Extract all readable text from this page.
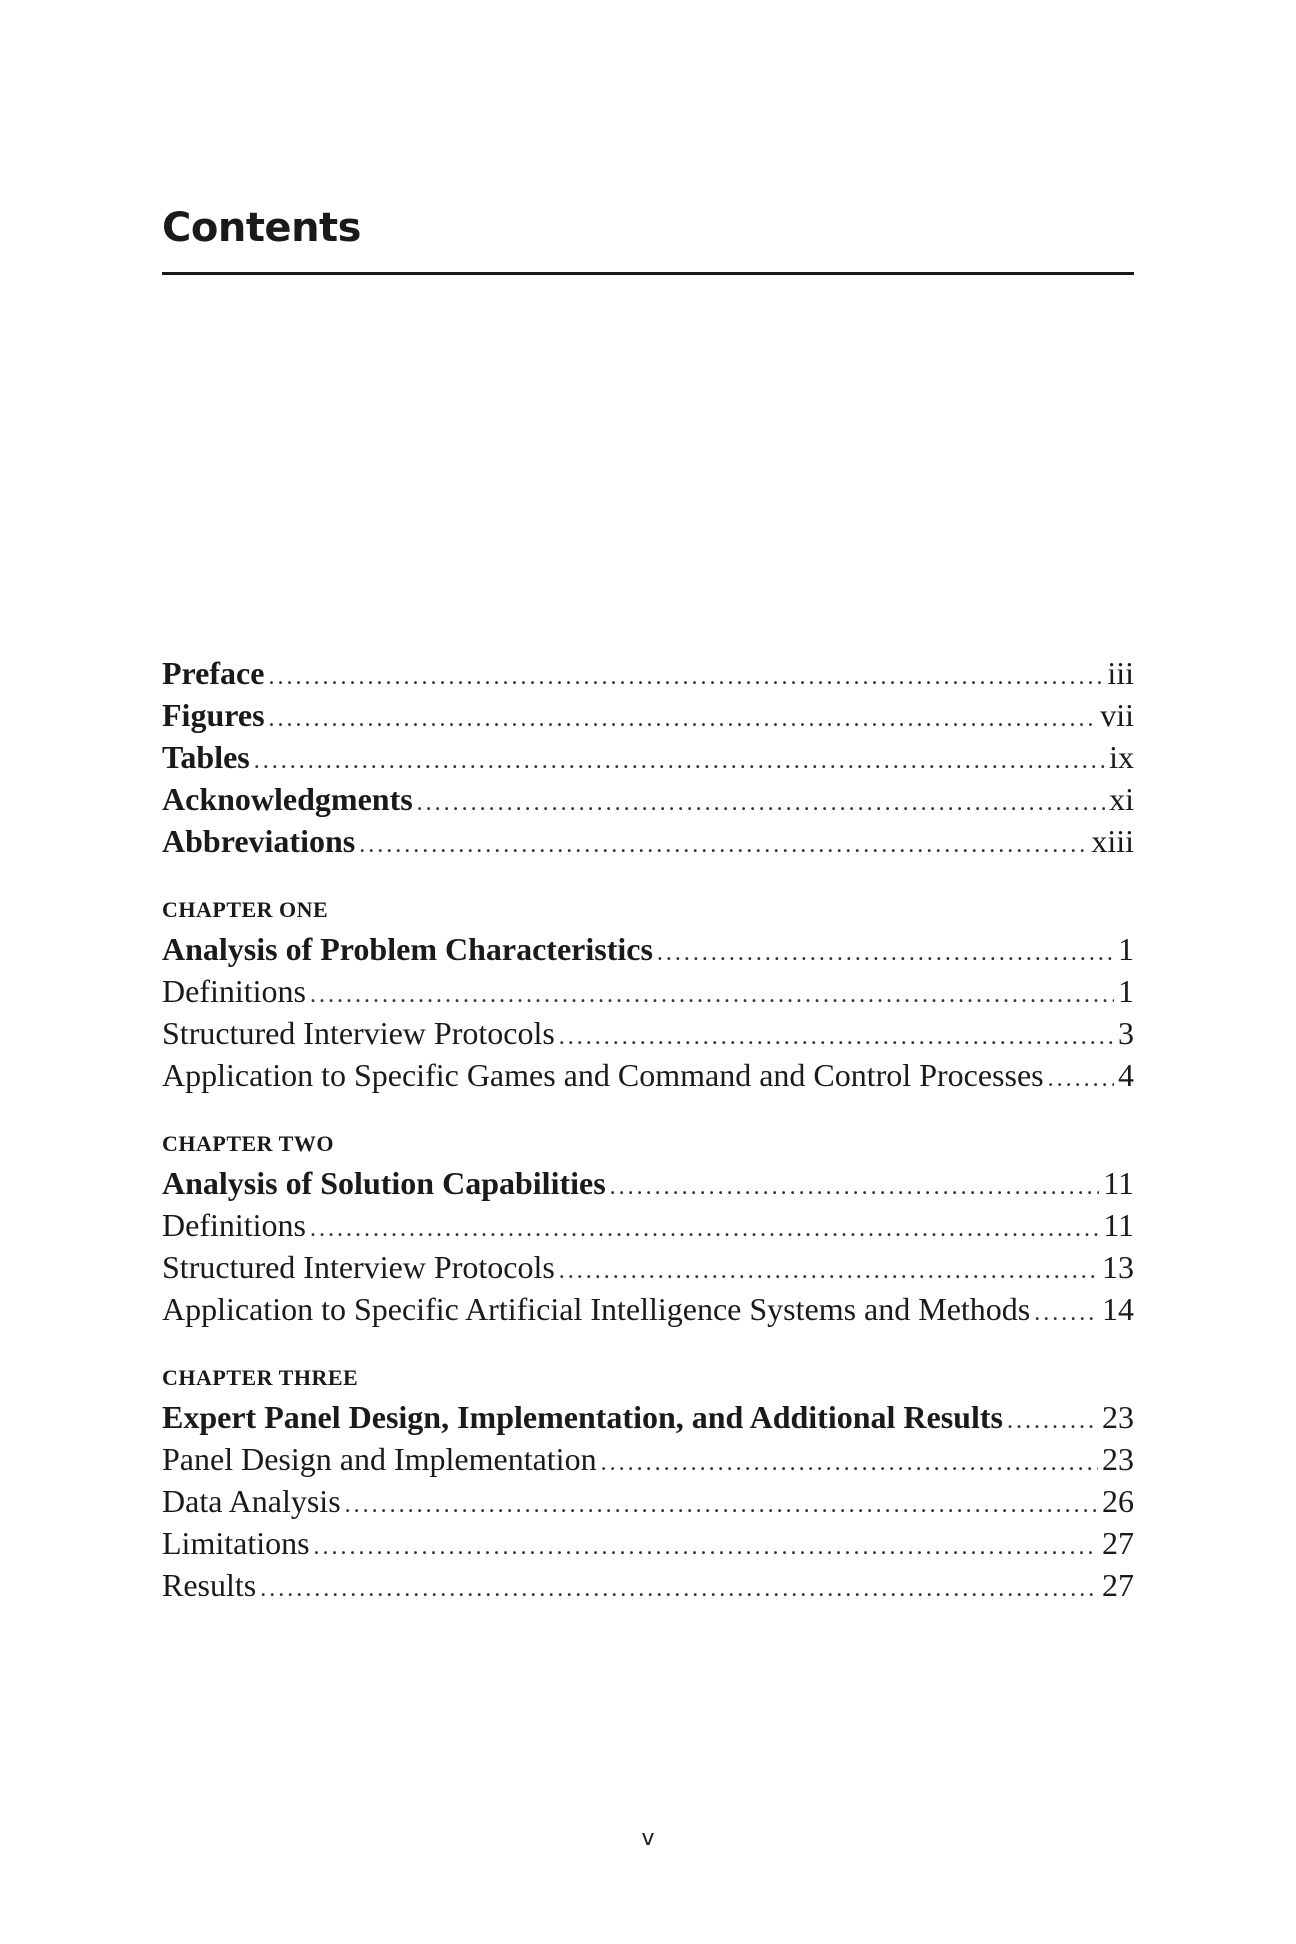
Contents
Preface .....	iii
Figures .....	vii
Tables .....	ix
Acknowledgments .....	xi
Abbreviations .....	xiii
CHAPTER ONE
Analysis of Problem Characteristics .....	1
Definitions .....	1
Structured Interview Protocols .....	3
Application to Specific Games and Command and Control Processes ..... 4
CHAPTER TWO
Analysis of Solution Capabilities .....	11
Definitions .....	11
Structured Interview Protocols .....	13
Application to Specific Artificial Intelligence Systems and Methods ..... 14
CHAPTER THREE
Expert Panel Design, Implementation, and Additional Results .....	23
Panel Design and Implementation .....	23
Data Analysis .....	26
Limitations .....	27
Results .....	27
v
